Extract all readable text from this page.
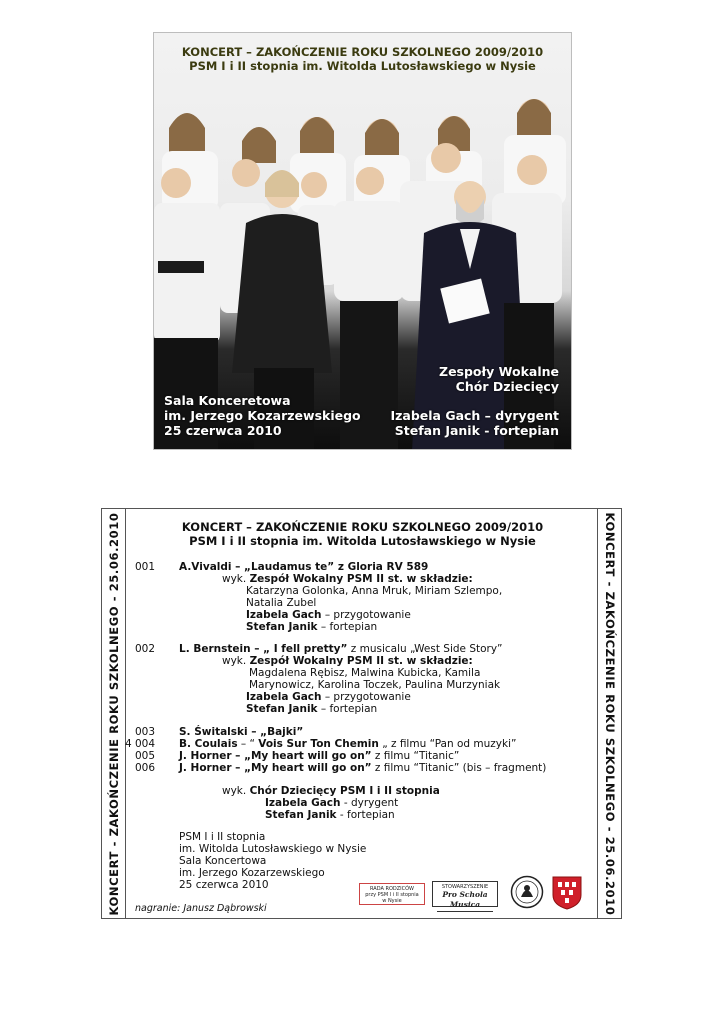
KONCERT – ZAKOŃCZENIE ROKU SZKOLNEGO 2009/2010
PSM I i II stopnia im. Witolda Lutosławskiego w Nysie
Sala Konceretowa
im. Jerzego Kozarzewskiego
25 czerwca 2010
Zespoły Wokalne
Chór Dziecięcy
Izabela Gach – dyrygent
Stefan Janik - fortepian
KONCERT - ZAKOŃCZENIE ROKU SZKOLNEGO - 25.06.2010	KONCERT - ZAKOŃCZENIE ROKU SZKOLNEGO - 25.06.2010
KONCERT – ZAKOŃCZENIE ROKU SZKOLNEGO 2009/2010
PSM I i II stopnia im. Witolda Lutosławskiego w Nysie
001 A.Vivaldi – „Laudamus te” z Gloria RV 589
wyk. Zespół Wokalny PSM II st. w składzie:
Katarzyna Golonka, Anna Mruk, Miriam Szlempo,
Natalia Zubel
Izabela Gach – przygotowanie
Stefan Janik – fortepian
002 L. Bernstein – „ I fell pretty” z musicalu „West Side Story”
wyk. Zespół Wokalny PSM II st. w składzie:
Magdalena Rębisz, Malwina Kubicka, Kamila
Marynowicz, Karolina Toczek, Paulina Murzyniak
Izabela Gach – przygotowanie
Stefan Janik – fortepian
003 S. Świtalski – „Bajki”
4 004 B. Coulais – “ Vois Sur Ton Chemin „ z filmu “Pan od muzyki”
005 J. Horner – „My heart will go on” z filmu “Titanic”
006 J. Horner – „My heart will go on” z filmu “Titanic” (bis – fragment)
wyk. Chór Dziecięcy PSM I i II stopnia
Izabela Gach - dyrygent
Stefan Janik - fortepian
PSM I i II stopnia
im. Witolda Lutosławskiego w Nysie
Sala Koncertowa
im. Jerzego Kozarzewskiego
25 czerwca 2010
nagranie: Janusz Dąbrowski
RADA RODZICÓW
przy PSM I i II stopnia
w Nysie
STOWARZYSZENIE
Pro Schola Musica
